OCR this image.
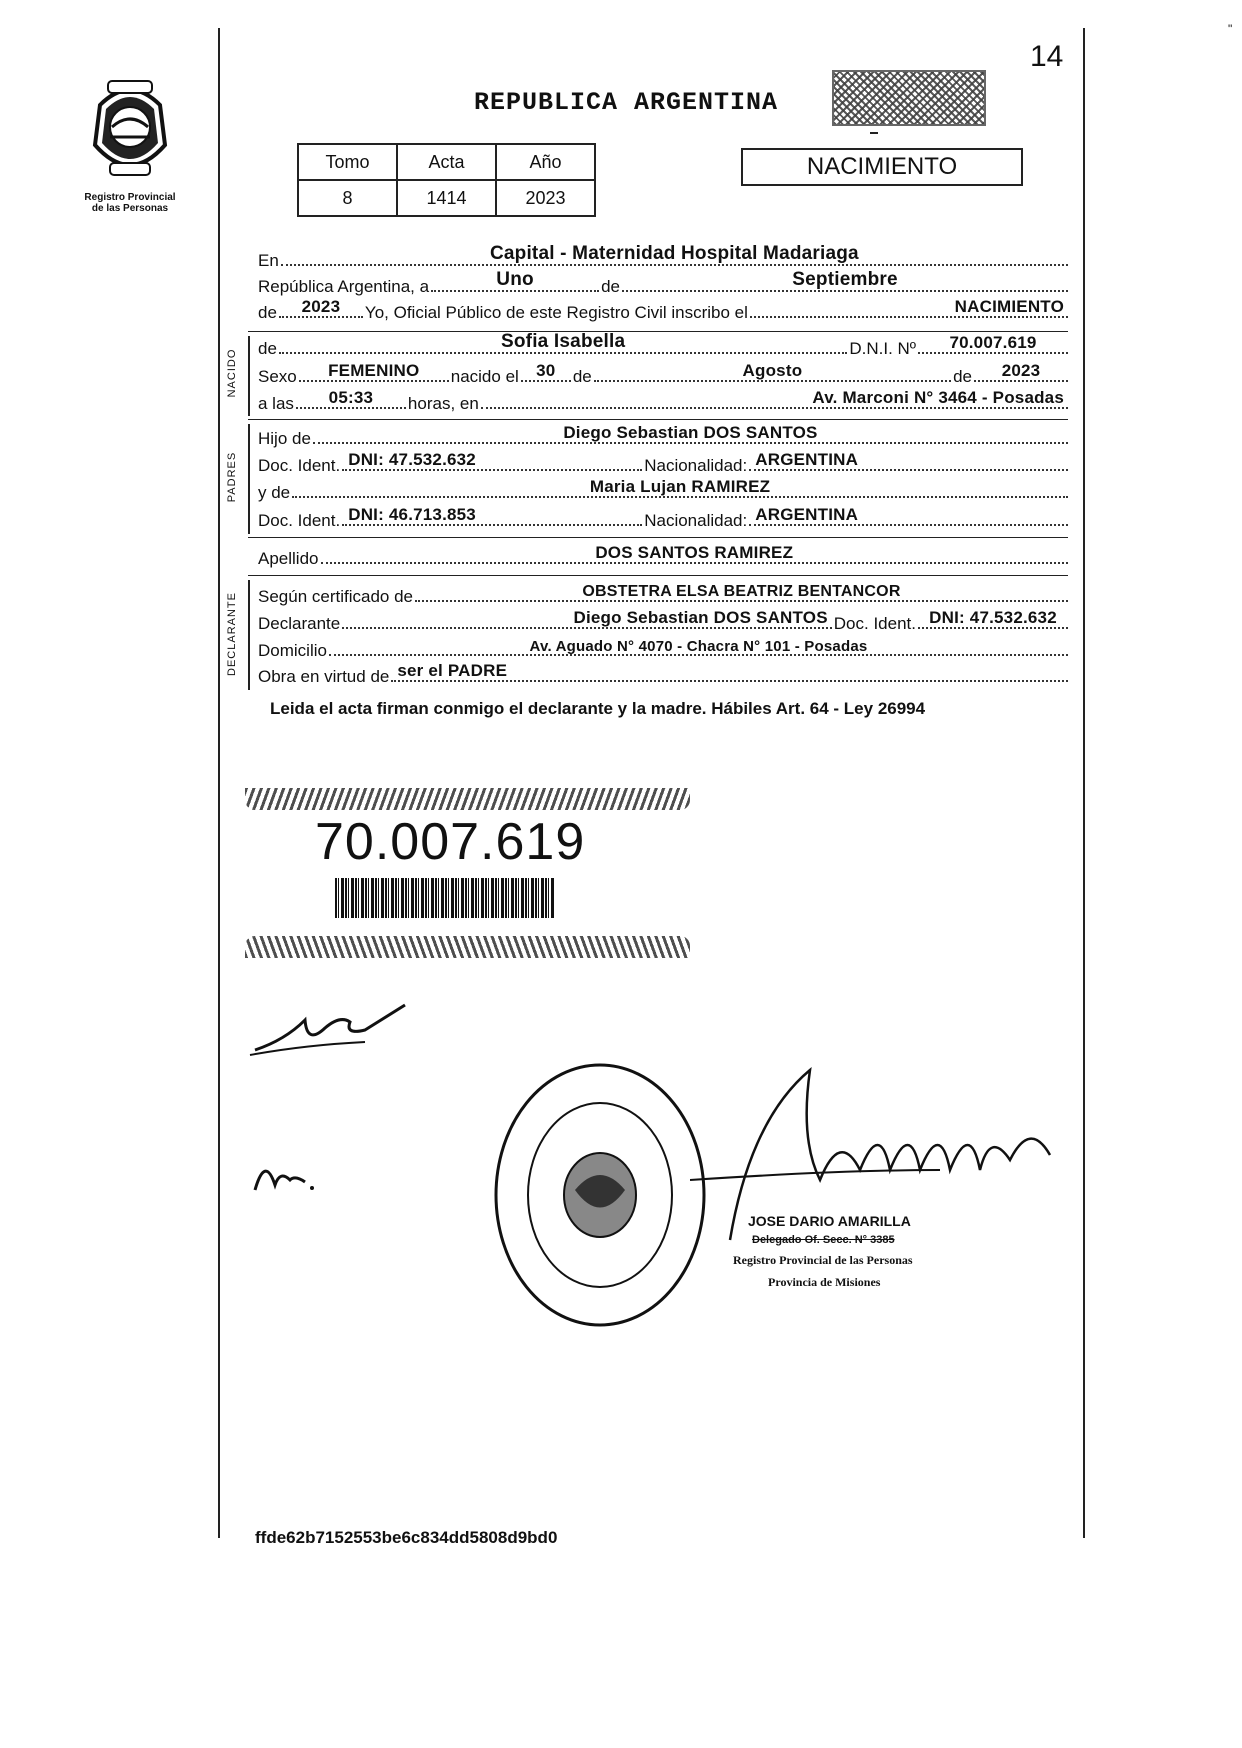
"
14
Registro Provincial
de las Personas
REPUBLICA ARGENTINA
Tomo	Acta	Año
8	1414	2023
NACIMIENTO
En	Capital - Maternidad Hospital Madariaga
República Argentina, a	Uno	de	Septiembre
de	2023	Yo, Oficial Público de este Registro Civil inscribo el	NACIMIENTO
NACIDO
de	Sofia Isabella	D.N.I. Nº	70.007.619
Sexo	FEMENINO	nacido el	30	de	Agosto	de	2023
a las	05:33	horas, en	Av. Marconi N° 3464 - Posadas
PADRES
Hijo de	Diego Sebastian DOS SANTOS
Doc. Ident. DNI: 47.532.632	Nacionalidad: ARGENTINA
y de	Maria Lujan RAMIREZ
Doc. Ident. DNI: 46.713.853	Nacionalidad: ARGENTINA
Apellido	DOS SANTOS RAMIREZ
DECLARANTE Según certificado de	OBSTETRA ELSA BEATRIZ BENTANCOR
Declarante	Diego Sebastian DOS SANTOS Doc. Ident. DNI: 47.532.632
Domicilio	Av. Aguado N° 4070 - Chacra N° 101 - Posadas
Obra en virtud de ser el PADRE
Leida el acta firman conmigo el declarante y la madre. Hábiles Art. 64 - Ley 26994
70.007.619
JOSE DARIO AMARILLA
Delegado Of. Secc. N° 3385
Registro Provincial de las Personas
Provincia de Misiones
ffde62b7152553be6c834dd5808d9bd0
